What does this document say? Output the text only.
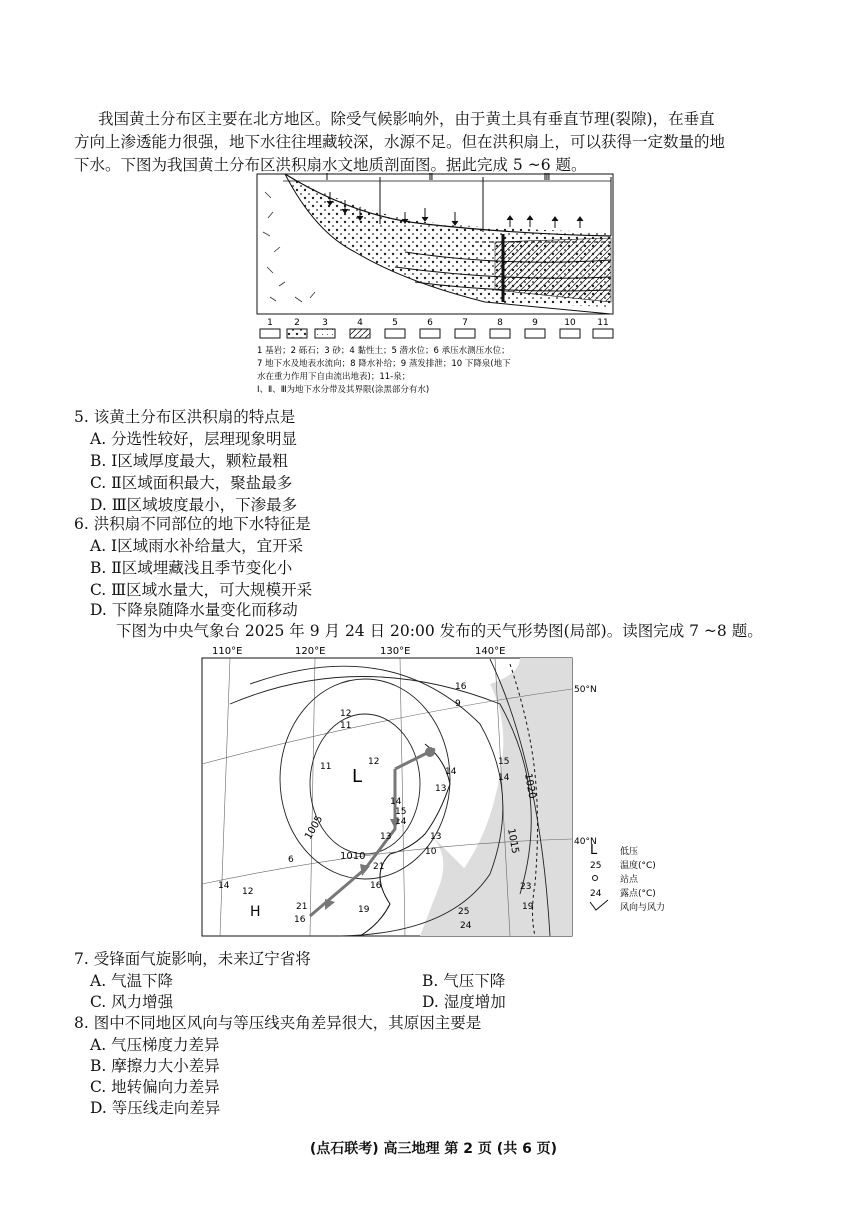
我国黄土分布区主要在北方地区。除受气候影响外，由于黄土具有垂直节理(裂隙)，在垂直
方向上渗透能力很强，地下水往往埋藏较深，水源不足。但在洪积扇上，可以获得一定数量的地
下水。下图为我国黄土分布区洪积扇水文地质剖面图。据此完成 5 ~6 题。
Ⅰ	Ⅱ	Ⅲ
1 2 3	4	5	6	7	8	9	10 11
1 基岩；2 砾石；3 砂；4 黏性土；5 潜水位；6 承压水测压水位；
7 地下水及地表水流向；8 降水补给；9 蒸发排泄；10 下降泉(地下
水在重力作用下自由流出地表)；11-泉；
Ⅰ、Ⅱ、Ⅲ为地下水分带及其界限(涂黑部分有水)
5. 该黄土分布区洪积扇的特点是
A. 分选性较好，层理现象明显
B. Ⅰ区域厚度最大，颗粒最粗
C. Ⅱ区域面积最大，聚盐最多
D. Ⅲ区域坡度最小，下渗最多
6. 洪积扇不同部位的地下水特征是
A. Ⅰ区域雨水补给量大，宜开采
B. Ⅱ区域埋藏浅且季节变化小
C. Ⅲ区域水量大，可大规模开采
D. 下降泉随降水量变化而移动
下图为中央气象台 2025 年 9 月 24 日 20:00 发布的天气形势图(局部)。读图完成 7 ~8 题。
110°E	120°E	130°E	140°E
50°N
40°N
1005
1010
1015
1020
L
H
16
9
12
11
12
11	14
13
14
15
14
13
13
21
16
6
14
12
16
21	19	25
24
23
19
10
15
14
L	低压
25 温度(°C)
站点
24 露点(°C)
风向与风力
7. 受锋面气旋影响，未来辽宁省将
A. 气温下降	B. 气压下降
C. 风力增强	D. 湿度增加
8. 图中不同地区风向与等压线夹角差异很大，其原因主要是
A. 气压梯度力差异
B. 摩擦力大小差异
C. 地转偏向力差异
D. 等压线走向差异
(点石联考) 高三地理 第 2 页 (共 6 页)
